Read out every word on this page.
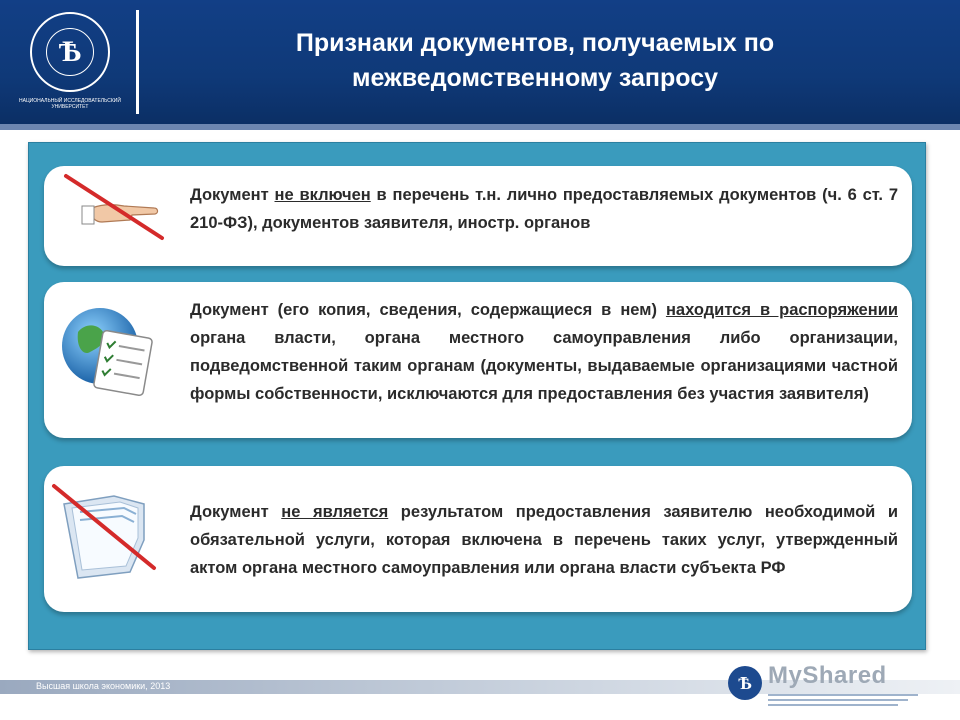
Ѣ
НАЦИОНАЛЬНЫЙ ИССЛЕДОВАТЕЛЬСКИЙ УНИВЕРСИТЕТ
Признаки документов, получаемых по
межведомственному запросу
Документ не включен в перечень т.н. лично предоставляемых документов (ч. 6 ст. 7 210-ФЗ), документов заявителя, иностр. органов
Документ (его копия, сведения, содержащиеся в нем) находится в распоряжении органа власти, органа местного самоуправления либо организации, подведомственной таким органам (документы, выдаваемые организациями частной формы собственности, исключаются для предоставления без участия заявителя)
Документ не является результатом предоставления заявителю необходимой и обязательной услуги, которая включена в перечень таких услуг, утвержденный актом органа местного самоуправления или органа власти субъекта РФ
Высшая школа экономики, 2013	Ѣ MyShared
